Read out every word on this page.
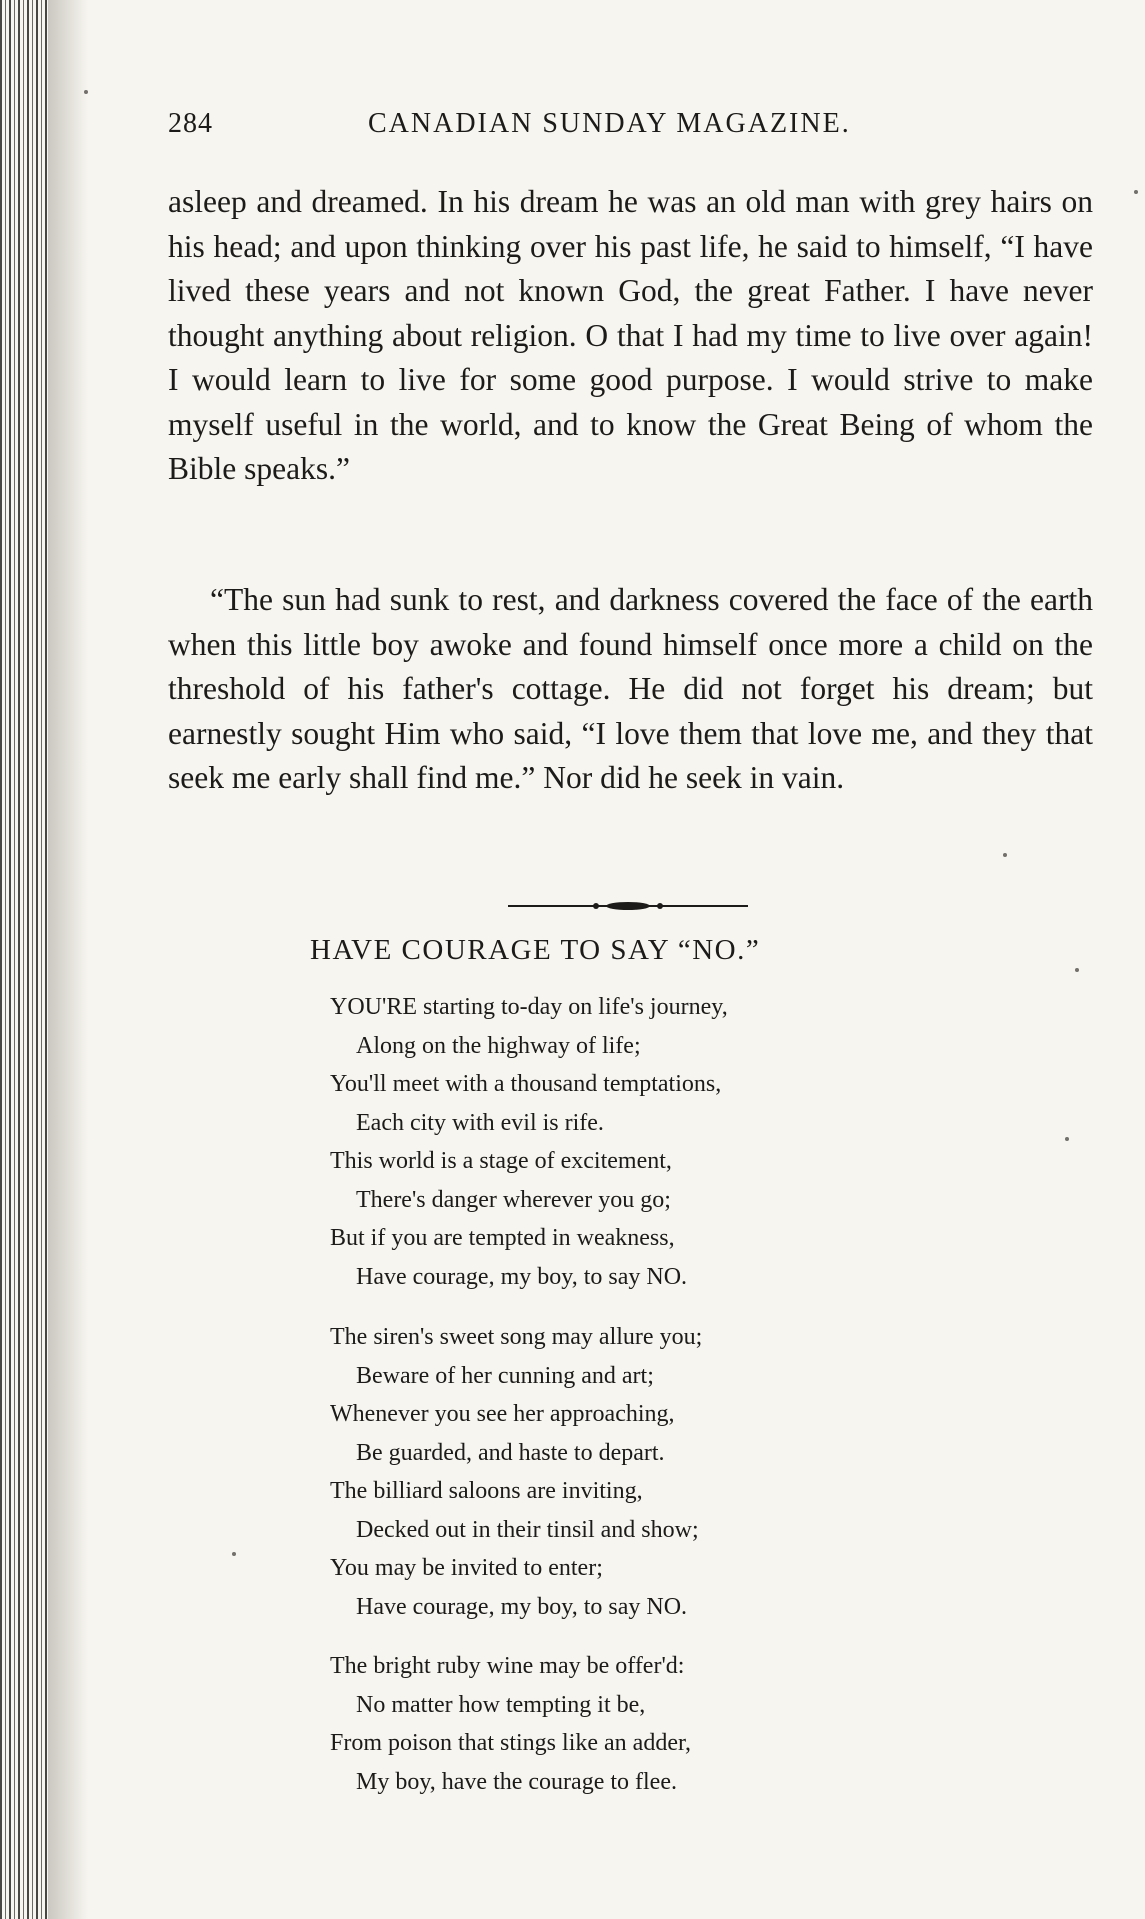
284	CANADIAN SUNDAY MAGAZINE.

asleep and dreamed. In his dream he was an old man with grey hairs on his head; and upon thinking over his past life, he said to himself, “I have lived these years and not known God, the great Father. I have never thought anything about religion. O that I had my time to live over again! I would learn to live for some good purpose. I would strive to make myself useful in the world, and to know the Great Being of whom the Bible speaks.”

“The sun had sunk to rest, and darkness covered the face of the earth when this little boy awoke and found himself once more a child on the threshold of his father's cottage. He did not forget his dream; but earnestly sought Him who said, “I love them that love me, and they that seek me early shall find me.” Nor did he seek in vain.

HAVE COURAGE TO SAY “NO.”
YOU'RE starting to-day on life's journey,
Along on the highway of life;
You'll meet with a thousand temptations,
Each city with evil is rife.
This world is a stage of excitement,
There's danger wherever you go;
But if you are tempted in weakness,
Have courage, my boy, to say NO.
The siren's sweet song may allure you;
Beware of her cunning and art;
Whenever you see her approaching,
Be guarded, and haste to depart.
The billiard saloons are inviting,
Decked out in their tinsil and show;
You may be invited to enter;
Have courage, my boy, to say NO.
The bright ruby wine may be offer'd:
No matter how tempting it be,
From poison that stings like an adder,
My boy, have the courage to flee.
